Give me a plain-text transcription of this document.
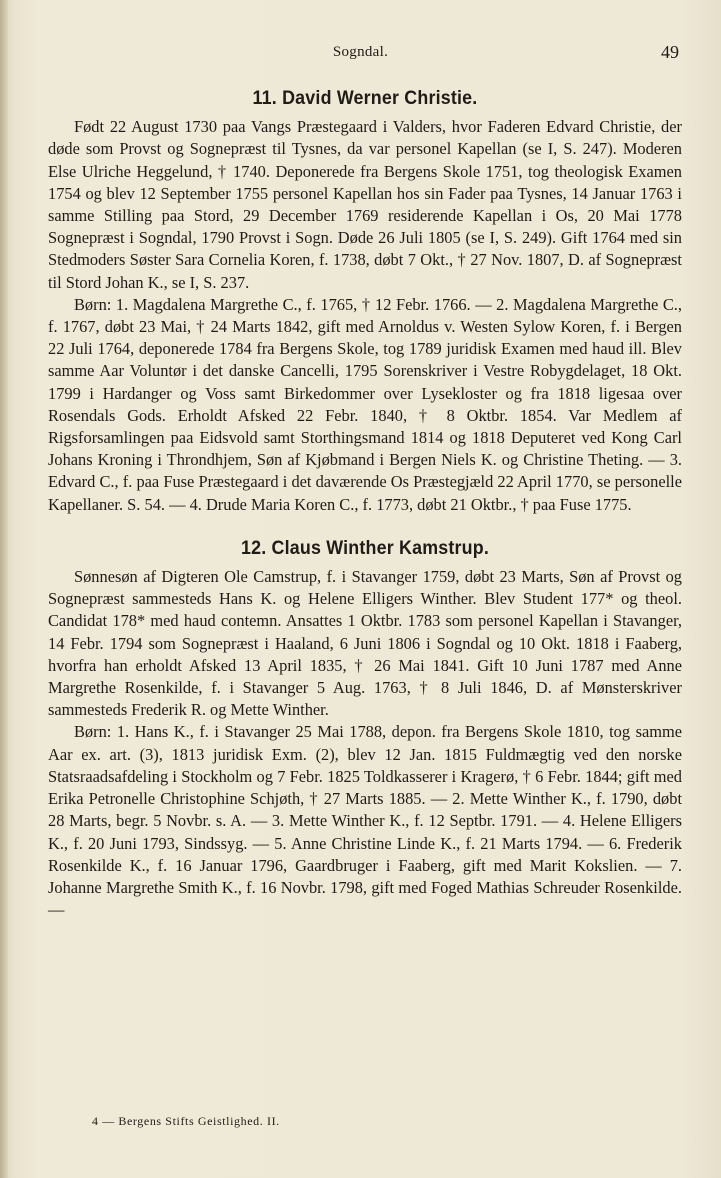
Sogndal.	49
11. David Werner Christie.

Født 22 August 1730 paa Vangs Præstegaard i Valders, hvor Faderen Edvard Christie, der døde som Provst og Sognepræst til Tysnes, da var personel Kapellan (se I, S. 247). Moderen Else Ulriche Heggelund, † 1740. Deponerede fra Bergens Skole 1751, tog theologisk Examen 1754 og blev 12 September 1755 personel Kapellan hos sin Fader paa Tysnes, 14 Januar 1763 i samme Stilling paa Stord, 29 December 1769 residerende Kapellan i Os, 20 Mai 1778 Sognepræst i Sogndal, 1790 Provst i Sogn. Døde 26 Juli 1805 (se I, S. 249). Gift 1764 med sin Stedmoders Søster Sara Cornelia Koren, f. 1738, døbt 7 Okt., † 27 Nov. 1807, D. af Sognepræst til Stord Johan K., se I, S. 237.

Børn: 1. Magdalena Margrethe C., f. 1765, † 12 Febr. 1766. — 2. Magdalena Margrethe C., f. 1767, døbt 23 Mai, † 24 Marts 1842, gift med Arnoldus v. Westen Sylow Koren, f. i Bergen 22 Juli 1764, deponerede 1784 fra Bergens Skole, tog 1789 juridisk Examen med haud ill. Blev samme Aar Voluntør i det danske Cancelli, 1795 Sorenskriver i Vestre Robygdelaget, 18 Okt. 1799 i Hardanger og Voss samt Birkedommer over Lysekloster og fra 1818 ligesaa over Rosendals Gods. Erholdt Afsked 22 Febr. 1840, † 8 Oktbr. 1854. Var Medlem af Rigsforsamlingen paa Eidsvold samt Storthingsmand 1814 og 1818 Deputeret ved Kong Carl Johans Kroning i Throndhjem, Søn af Kjøbmand i Bergen Niels K. og Christine Theting. — 3. Edvard C., f. paa Fuse Præstegaard i det daværende Os Præstegjæld 22 April 1770, se personelle Kapellaner. S. 54. — 4. Drude Maria Koren C., f. 1773, døbt 21 Oktbr., † paa Fuse 1775.

12. Claus Winther Kamstrup.

Sønnesøn af Digteren Ole Camstrup, f. i Stavanger 1759, døbt 23 Marts, Søn af Provst og Sognepræst sammesteds Hans K. og Helene Elligers Winther. Blev Student 177* og theol. Candidat 178* med haud contemn. Ansattes 1 Oktbr. 1783 som personel Kapellan i Stavanger, 14 Febr. 1794 som Sognepræst i Haaland, 6 Juni 1806 i Sogndal og 10 Okt. 1818 i Faaberg, hvorfra han erholdt Afsked 13 April 1835, † 26 Mai 1841. Gift 10 Juni 1787 med Anne Margrethe Rosenkilde, f. i Stavanger 5 Aug. 1763, † 8 Juli 1846, D. af Mønsterskriver sammesteds Frederik R. og Mette Winther.

Børn: 1. Hans K., f. i Stavanger 25 Mai 1788, depon. fra Bergens Skole 1810, tog samme Aar ex. art. (3), 1813 juridisk Exm. (2), blev 12 Jan. 1815 Fuldmægtig ved den norske Statsraadsafdeling i Stockholm og 7 Febr. 1825 Toldkasserer i Kragerø, † 6 Febr. 1844; gift med Erika Petronelle Christophine Schjøth, † 27 Marts 1885. — 2. Mette Winther K., f. 1790, døbt 28 Marts, begr. 5 Novbr. s. A. — 3. Mette Winther K., f. 12 Septbr. 1791. — 4. Helene Elligers K., f. 20 Juni 1793, Sindssyg. — 5. Anne Christine Linde K., f. 21 Marts 1794. — 6. Frederik Rosenkilde K., f. 16 Januar 1796, Gaardbruger i Faaberg, gift med Marit Kokslien. — 7. Johanne Margrethe Smith K., f. 16 Novbr. 1798, gift med Foged Mathias Schreuder Rosenkilde. —

4 — Bergens Stifts Geistlighed. II.
